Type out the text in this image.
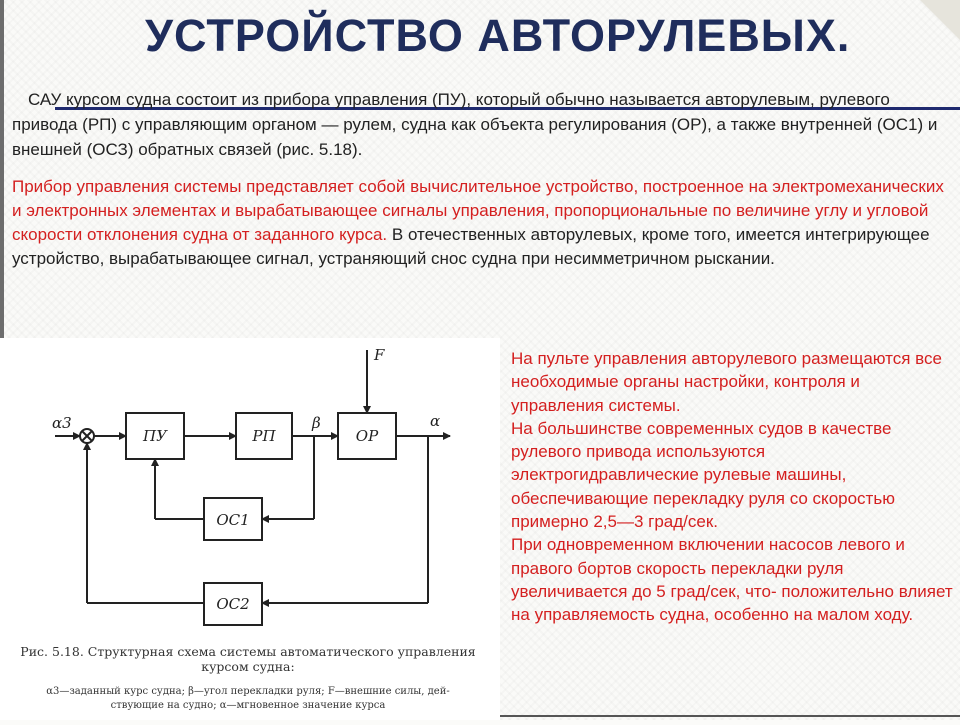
УСТРОЙСТВО АВТОРУЛЕВЫХ.
САУ курсом судна состоит из прибора управления (ПУ), который обычно называется авторулевым, рулевого привода (РП) с управляющим органом — рулем, судна как объекта регулирования (ОР), а также внутренней (ОС1) и внешней (ОСЗ) обратных связей (рис. 5.18).
Прибор управления системы представляет собой вычислительное устройство, построенное на электромеханических и электронных элементах и вырабатывающее сигналы управления, пропорциональные по величине углу и угловой скорости отклонения судна от заданного курса. В отечественных авторулевых, кроме того, имеется интегрирующее устройство, вырабатывающее сигнал, устраняющий снос судна при несимметричном рыскании.
α3
ПУ	РП	ОР
β
F
α
ОС1
ОС2
Рис. 5.18. Структурная схема системы автоматического управления
курсом судна:
α3—заданный курс судна; β—угол перекладки руля; F—внешние силы, дей-
ствующие на судно; α—мгновенное значение курса
На пульте управления авторулевого размещаются все необходимые органы настройки, контроля и управления системы.
На большинстве современных судов в качестве рулевого привода используются электрогидравлические рулевые машины, обеспечивающие перекладку руля со скоростью примерно 2,5—3 град/сек.
При одновременном включении насосов левого и правого бортов скорость перекладки руля увеличивается до 5 град/сек, что- положительно влияет на управляемость судна, особенно на малом ходу.
